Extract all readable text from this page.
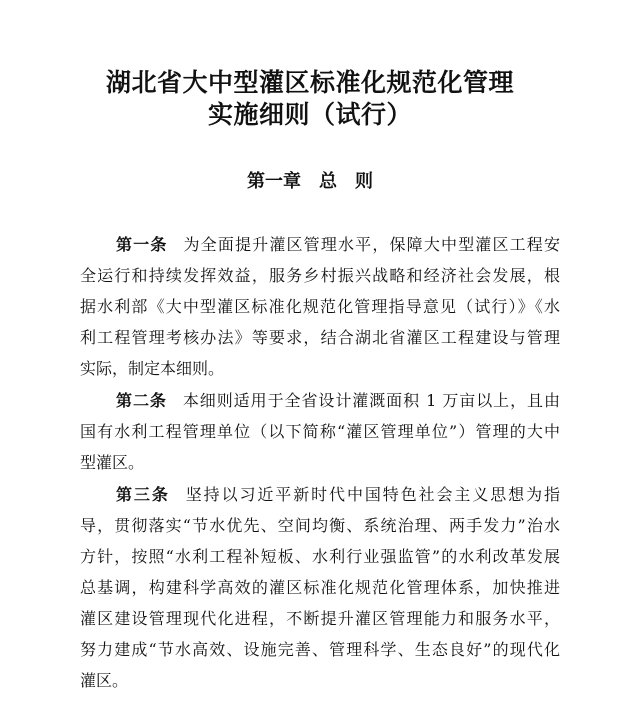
湖北省大中型灌区标准化规范化管理
实施细则（试行）
第一章　总　则
第一条 为全面提升灌区管理水平，保障大中型灌区工程安
全运行和持续发挥效益，服务乡村振兴战略和经济社会发展，根
据水利部《大中型灌区标准化规范化管理指导意见（试行）》《水
利工程管理考核办法》等要求，结合湖北省灌区工程建设与管理
实际，制定本细则。
第二条 本细则适用于全省设计灌溉面积 1 万亩以上，且由
国有水利工程管理单位（以下简称“灌区管理单位”）管理的大中
型灌区。
第三条 坚持以习近平新时代中国特色社会主义思想为指
导，贯彻落实“节水优先、空间均衡、系统治理、两手发力”治水
方针，按照“水利工程补短板、水利行业强监管”的水利改革发展
总基调，构建科学高效的灌区标准化规范化管理体系，加快推进
灌区建设管理现代化进程，不断提升灌区管理能力和服务水平，
努力建成“节水高效、设施完善、管理科学、生态良好”的现代化
灌区。
